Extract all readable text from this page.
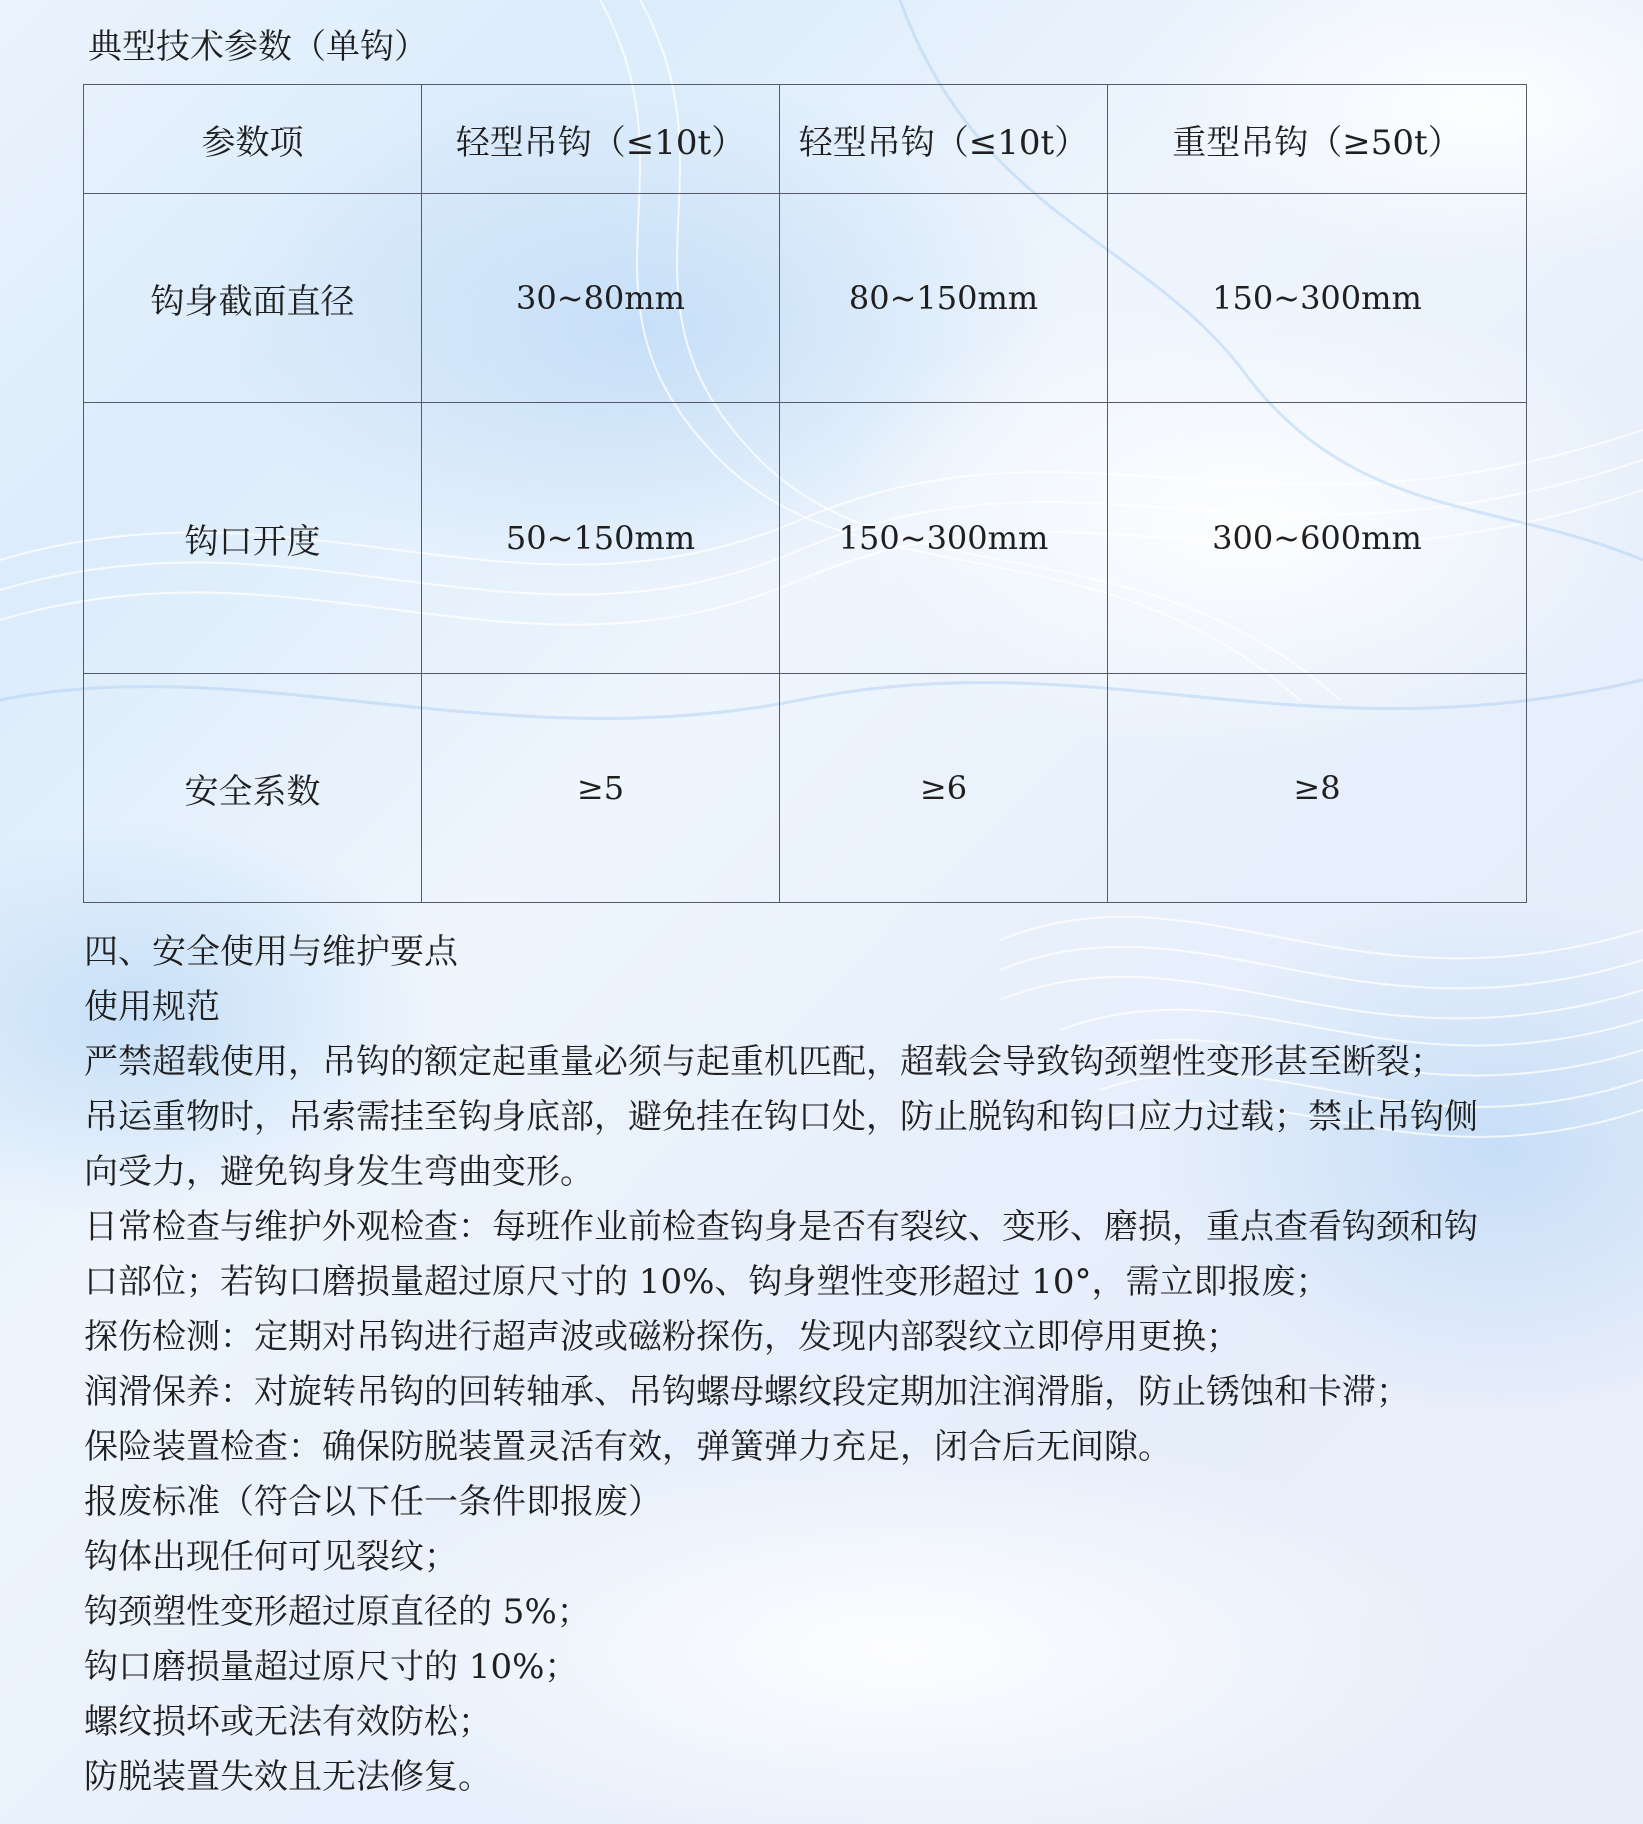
典型技术参数（单钩）
参数项	轻型吊钩（≤10t）	轻型吊钩（≤10t）	重型吊钩（≥50t）
钩身截面直径	30~80mm	80~150mm	150~300mm
钩口开度	50~150mm	150~300mm	300~600mm
安全系数	≥5	≥6	≥8

四、安全使用与维护要点

使用规范

严禁超载使用，吊钩的额定起重量必须与起重机匹配，超载会导致钩颈塑性变形甚至断裂；

吊运重物时，吊索需挂至钩身底部，避免挂在钩口处，防止脱钩和钩口应力过载；禁止吊钩侧

向受力，避免钩身发生弯曲变形。

日常检查与维护外观检查：每班作业前检查钩身是否有裂纹、变形、磨损，重点查看钩颈和钩

口部位；若钩口磨损量超过原尺寸的 10%、钩身塑性变形超过 10°，需立即报废；

探伤检测：定期对吊钩进行超声波或磁粉探伤，发现内部裂纹立即停用更换；

润滑保养：对旋转吊钩的回转轴承、吊钩螺母螺纹段定期加注润滑脂，防止锈蚀和卡滞；

保险装置检查：确保防脱装置灵活有效，弹簧弹力充足，闭合后无间隙。

报废标准（符合以下任一条件即报废）

钩体出现任何可见裂纹；

钩颈塑性变形超过原直径的 5%；

钩口磨损量超过原尺寸的 10%；

螺纹损坏或无法有效防松；

防脱装置失效且无法修复。
